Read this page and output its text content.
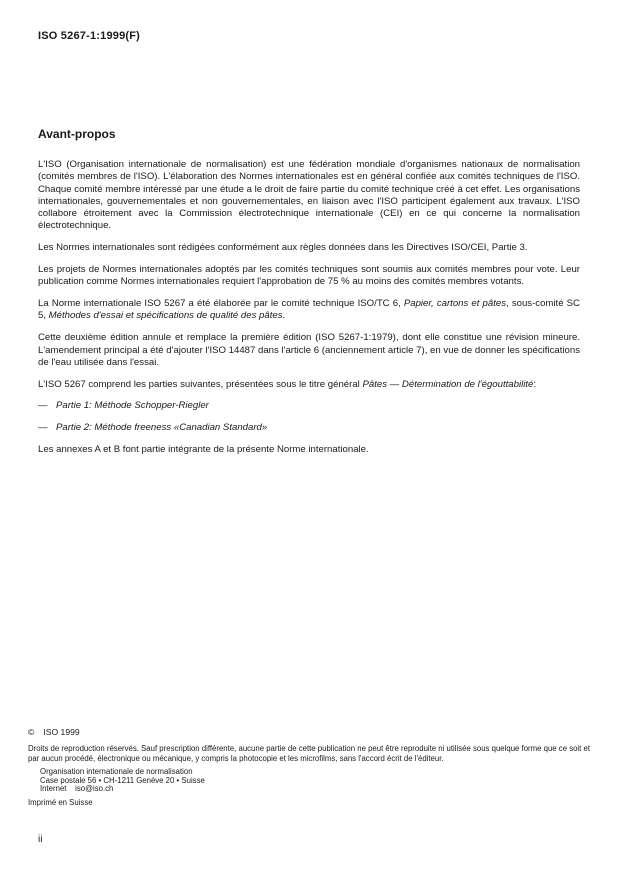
ISO 5267-1:1999(F)
Avant-propos
L'ISO (Organisation internationale de normalisation) est une fédération mondiale d'organismes nationaux de normalisation (comités membres de l'ISO). L'élaboration des Normes internationales est en général confiée aux comités techniques de l'ISO. Chaque comité membre intéressé par une étude a le droit de faire partie du comité technique créé à cet effet. Les organisations internationales, gouvernementales et non gouvernementales, en liaison avec l'ISO participent également aux travaux. L'ISO collabore étroitement avec la Commission électrotechnique internationale (CEI) en ce qui concerne la normalisation électrotechnique.
Les Normes internationales sont rédigées conformément aux règles données dans les Directives ISO/CEI, Partie 3.
Les projets de Normes internationales adoptés par les comités techniques sont soumis aux comités membres pour vote. Leur publication comme Normes internationales requiert l'approbation de 75 % au moins des comités membres votants.
La Norme internationale ISO 5267 a été élaborée par le comité technique ISO/TC 6, Papier, cartons et pâtes, sous-comité SC 5, Méthodes d'essai et spécifications de qualité des pâtes.
Cette deuxième édition annule et remplace la première édition (ISO 5267-1:1979), dont elle constitue une révision mineure. L'amendement principal a été d'ajouter l'ISO 14487 dans l'article 6 (anciennement article 7), en vue de donner les spécifications de l'eau utilisée dans l'essai.
L'ISO 5267 comprend les parties suivantes, présentées sous le titre général Pâtes — Détermination de l'égouttabilité:
— Partie 1: Méthode Schopper-Riegler
— Partie 2: Méthode freeness «Canadian Standard»
Les annexes A et B font partie intégrante de la présente Norme internationale.
© ISO 1999
Droits de reproduction réservés. Sauf prescription différente, aucune partie de cette publication ne peut être reproduite ni utilisée sous quelque forme que ce soit et par aucun procédé, électronique ou mécanique, y compris la photocopie et les microfilms, sans l'accord écrit de l'éditeur.
Organisation internationale de normalisation
Case postale 56 • CH-1211 Genève 20 • Suisse
Internet    iso@iso.ch
Imprimé en Suisse
ii
